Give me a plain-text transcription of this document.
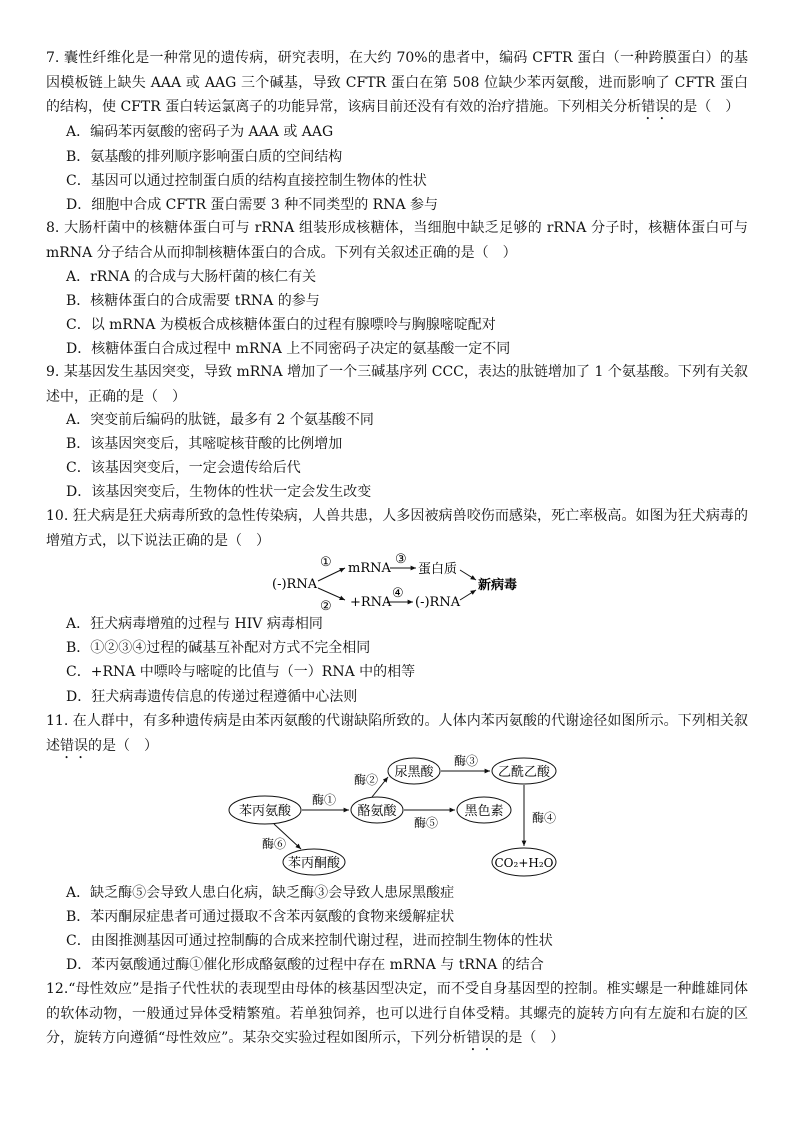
7. 囊性纤维化是一种常见的遗传病，研究表明，在大约 70%的患者中，编码 CFTR 蛋白（一种跨膜蛋白）的基因模板链上缺失 AAA 或 AAG 三个碱基，导致 CFTR 蛋白在第 508 位缺少苯丙氨酸，进而影响了 CFTR 蛋白的结构，使 CFTR 蛋白转运氯离子的功能异常，该病目前还没有有效的治疗措施。下列相关分析错误的是（　）
A．编码苯丙氨酸的密码子为 AAA 或 AAG
B．氨基酸的排列顺序影响蛋白质的空间结构
C．基因可以通过控制蛋白质的结构直接控制生物体的性状
D．细胞中合成 CFTR 蛋白需要 3 种不同类型的 RNA 参与
8. 大肠杆菌中的核糖体蛋白可与 rRNA 组装形成核糖体，当细胞中缺乏足够的 rRNA 分子时，核糖体蛋白可与 mRNA 分子结合从而抑制核糖体蛋白的合成。下列有关叙述正确的是（　）
A．rRNA 的合成与大肠杆菌的核仁有关
B．核糖体蛋白的合成需要 tRNA 的参与
C．以 mRNA 为模板合成核糖体蛋白的过程有腺嘌呤与胸腺嘧啶配对
D．核糖体蛋白合成过程中 mRNA 上不同密码子决定的氨基酸一定不同
9. 某基因发生基因突变，导致 mRNA 增加了一个三碱基序列 CCC，表达的肽链增加了 1 个氨基酸。下列有关叙述中，正确的是（　）
A．突变前后编码的肽链，最多有 2 个氨基酸不同
B．该基因突变后，其嘧啶核苷酸的比例增加
C．该基因突变后，一定会遗传给后代
D．该基因突变后，生物体的性状一定会发生改变
10. 狂犬病是狂犬病毒所致的急性传染病，人兽共患，人多因被病兽咬伤而感染，死亡率极高。如图为狂犬病毒的增殖方式，以下说法正确的是（　）
(-)RNA
①
②
mRNA
+RNA
③
蛋白质
④
(-)RNA
新病毒
A．狂犬病毒增殖的过程与 HIV 病毒相同
B．①②③④过程的碱基互补配对方式不完全相同
C．+RNA 中嘌呤与嘧啶的比值与（一）RNA 中的相等
D．狂犬病毒遗传信息的传递过程遵循中心法则
11. 在人群中，有多种遗传病是由苯丙氨酸的代谢缺陷所致的。人体内苯丙氨酸的代谢途径如图所示。下列相关叙述错误的是（　）
苯丙氨酸	酪氨酸
尿黑酸	乙酰乙酸
黑色素
苯丙酮酸	CO₂+H₂O
酶①
酶②
酶③
酶⑤	酶④
酶⑥
A．缺乏酶⑤会导致人患白化病，缺乏酶③会导致人患尿黑酸症
B．苯丙酮尿症患者可通过摄取不含苯丙氨酸的食物来缓解症状
C．由图推测基因可通过控制酶的合成来控制代谢过程，进而控制生物体的性状
D．苯丙氨酸通过酶①催化形成酪氨酸的过程中存在 mRNA 与 tRNA 的结合
12.“母性效应”是指子代性状的表现型由母体的核基因型决定，而不受自身基因型的控制。椎实螺是一种雌雄同体的软体动物，一般通过异体受精繁殖。若单独饲养，也可以进行自体受精。其螺壳的旋转方向有左旋和右旋的区分，旋转方向遵循“母性效应”。某杂交实验过程如图所示，下列分析错误的是（　）
